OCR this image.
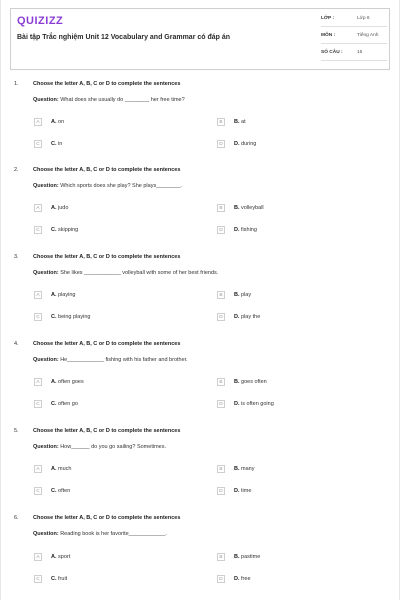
QUIZIZZ
Bài tập Trắc nghiệm Unit 12 Vocabulary and Grammar có đáp án
LỚP :	Lớp 6
MÔN :	Tiếng Anh
SỐ CÂU :	15
1.	Choose the letter A, B, C or D to complete the sentences
Question: What does she usually do ________ her free time?
A	A. on	B	B. at
C	C. in	D	D. during
2.	Choose the letter A, B, C or D to complete the sentences
Question: Which sports does she play? She plays________.
A	A. judo	B	B. volleyball
C	C. skipping	D	D. fishing
3.	Choose the letter A, B, C or D to complete the sentences
Question: She likes ____________ volleyball with some of her best friends.
A	A. playing	B	B. play
C	C. being playing	D	D. play the
4.	Choose the letter A, B, C or D to complete the sentences
Question: He____________ fishing with his father and brother.
A	A. often goes	B	B. goes often
C	C. often go	D	D. is often going
5.	Choose the letter A, B, C or D to complete the sentences
Question: How______ do you go sailing? Sometimes.
A	A. much	B	B. many
C	C. often	D	D. time
6.	Choose the letter A, B, C or D to complete the sentences
Question: Reading book is her favorite____________.
A	A. sport	B	B. pastime
C	C. fruit	D	D. free
